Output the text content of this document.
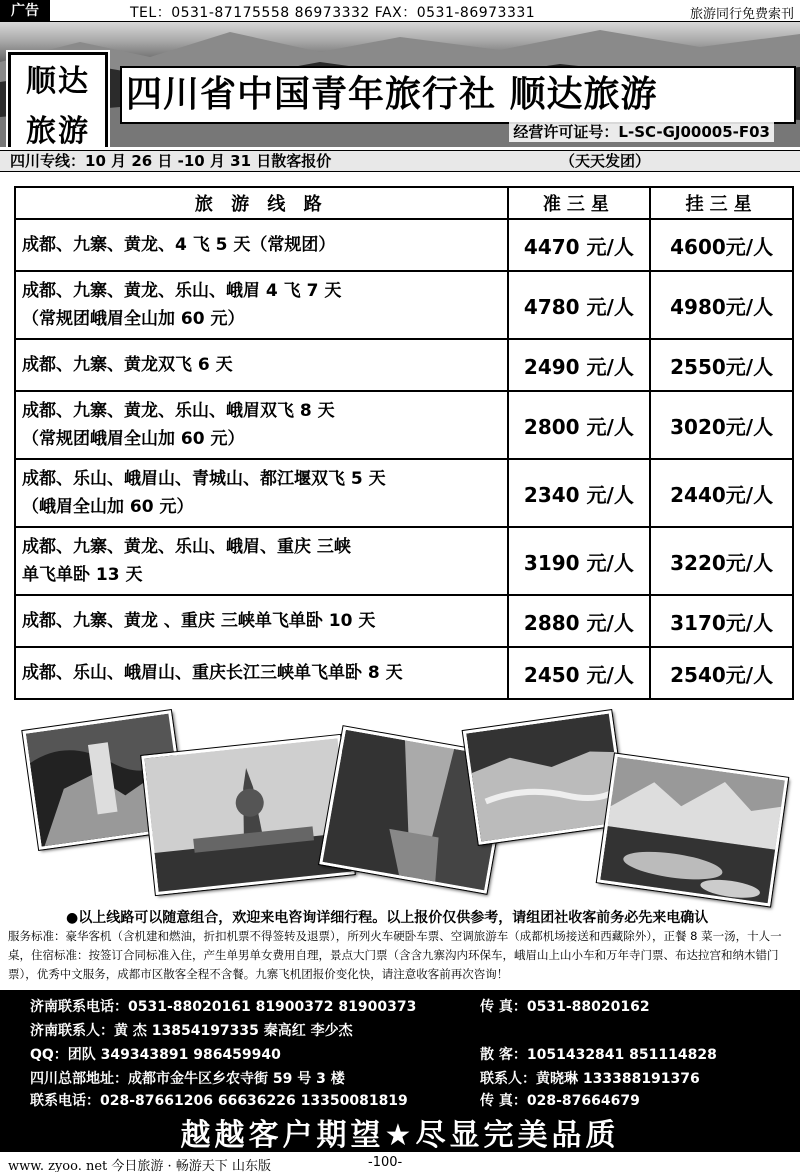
广告	TEL：0531-87175558 86973332 FAX：0531-86973331	旅游同行免费索刊
顺达
旅游
四川省中国青年旅行社 顺达旅游
经营许可证号：L-SC-GJ00005-F03
四川专线：10 月 26 日 -10 月 31 日散客报价	（天天发团）
旅 游 线 路	准三星	挂三星

成都、九寨、黄龙、4 飞 5 天（常规团）	4470 元/人	4600元/人

成都、九寨、黄龙、乐山、峨眉 4 飞 7 天
（常规团峨眉全山加 60 元）	4780 元/人	4980元/人

成都、九寨、黄龙双飞 6 天	2490 元/人	2550元/人

成都、九寨、黄龙、乐山、峨眉双飞 8 天
（常规团峨眉全山加 60 元）	2800 元/人	3020元/人

成都、乐山、峨眉山、青城山、都江堰双飞 5 天
（峨眉全山加 60 元）	2340 元/人	2440元/人

成都、九寨、黄龙、乐山、峨眉、重庆 三峡
单飞单卧 13 天	3190 元/人	3220元/人

成都、九寨、黄龙 、重庆 三峡单飞单卧 10 天	2880 元/人	3170元/人

成都、乐山、峨眉山、重庆长江三峡单飞单卧 8 天	2450 元/人	2540元/人
●以上线路可以随意组合，欢迎来电咨询详细行程。以上报价仅供参考，请组团社收客前务必先来电确认
服务标准：豪华客机（含机建和燃油，折扣机票不得签转及退票），所列火车硬卧车票、空调旅游车（成都机场接送和西藏除外），正餐 8 菜一汤，十人一桌，住宿标准：按签订合同标准入住，产生单男单女费用自理，景点大门票（含含九寨沟内环保车，峨眉山上山小车和万年寺门票、布达拉宫和纳木错门票），优秀中文服务，成都市区散客全程不含餐。九寨飞机团报价变化快，请注意收客前再次咨询！
济南联系电话：0531-88020161 81900372 81900373	传 真：0531-88020162
济南联系人：黄 杰 13854197335 秦高红 李少杰
QQ：团队 349343891 986459940	散 客：1051432841 851114828
四川总部地址：成都市金牛区乡农寺街 59 号 3 楼	联系人：黄晓琳 133388191376
联系电话：028-87661206 66636226 13350081819	传 真：028-87664679
越越客户期望★尽显完美品质
www. zyoo. net 今日旅游 · 畅游天下 山东版	-100-
